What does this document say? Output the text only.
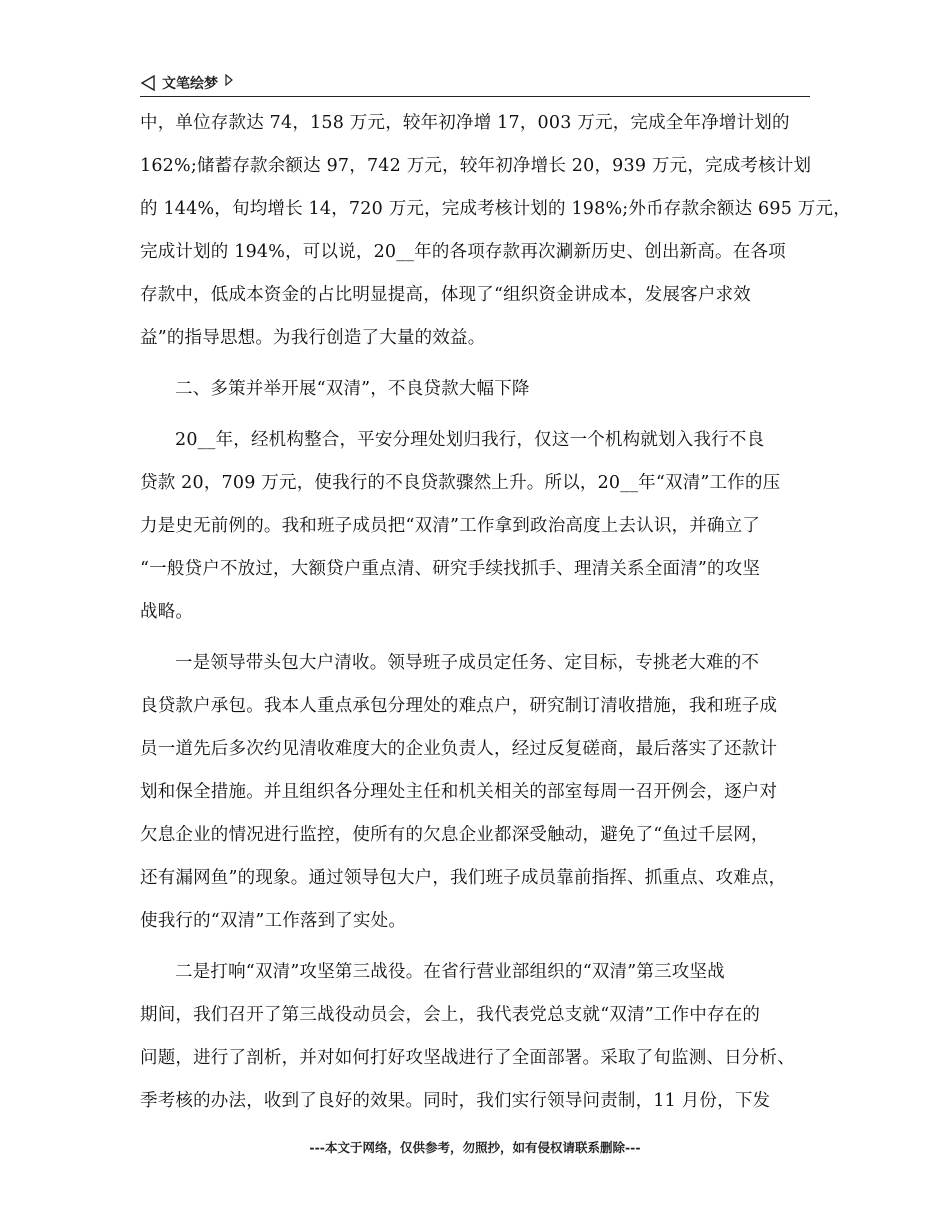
文笔绘梦
中，单位存款达 74，158 万元，较年初净增 17，003 万元，完成全年净增计划的
162%;储蓄存款余额达 97，742 万元，较年初净增长 20，939 万元，完成考核计划
的 144%，旬均增长 14，720 万元，完成考核计划的 198%;外币存款余额达 695 万元，
完成计划的 194%，可以说，20__年的各项存款再次涮新历史、创出新高。在各项
存款中，低成本资金的占比明显提高，体现了“组织资金讲成本，发展客户求效
益”的指导思想。为我行创造了大量的效益。
二、多策并举开展“双清”，不良贷款大幅下降
20__年，经机构整合，平安分理处划归我行，仅这一个机构就划入我行不良
贷款 20，709 万元，使我行的不良贷款骤然上升。所以，20__年“双清”工作的压
力是史无前例的。我和班子成员把“双清”工作拿到政治高度上去认识，并确立了
“一般贷户不放过，大额贷户重点清、研究手续找抓手、理清关系全面清”的攻坚
战略。
一是领导带头包大户清收。领导班子成员定任务、定目标，专挑老大难的不
良贷款户承包。我本人重点承包分理处的难点户，研究制订清收措施，我和班子成
员一道先后多次约见清收难度大的企业负责人，经过反复磋商，最后落实了还款计
划和保全措施。并且组织各分理处主任和机关相关的部室每周一召开例会，逐户对
欠息企业的情况进行监控，使所有的欠息企业都深受触动，避免了“鱼过千层网，
还有漏网鱼”的现象。通过领导包大户，我们班子成员靠前指挥、抓重点、攻难点，
使我行的“双清”工作落到了实处。
二是打响“双清”攻坚第三战役。在省行营业部组织的“双清”第三攻坚战
期间，我们召开了第三战役动员会，会上，我代表党总支就“双清”工作中存在的
问题，进行了剖析，并对如何打好攻坚战进行了全面部署。采取了旬监测、日分析、
季考核的办法，收到了良好的效果。同时，我们实行领导问责制，11 月份，下发
---本文于网络，仅供参考，勿照抄，如有侵权请联系删除---
